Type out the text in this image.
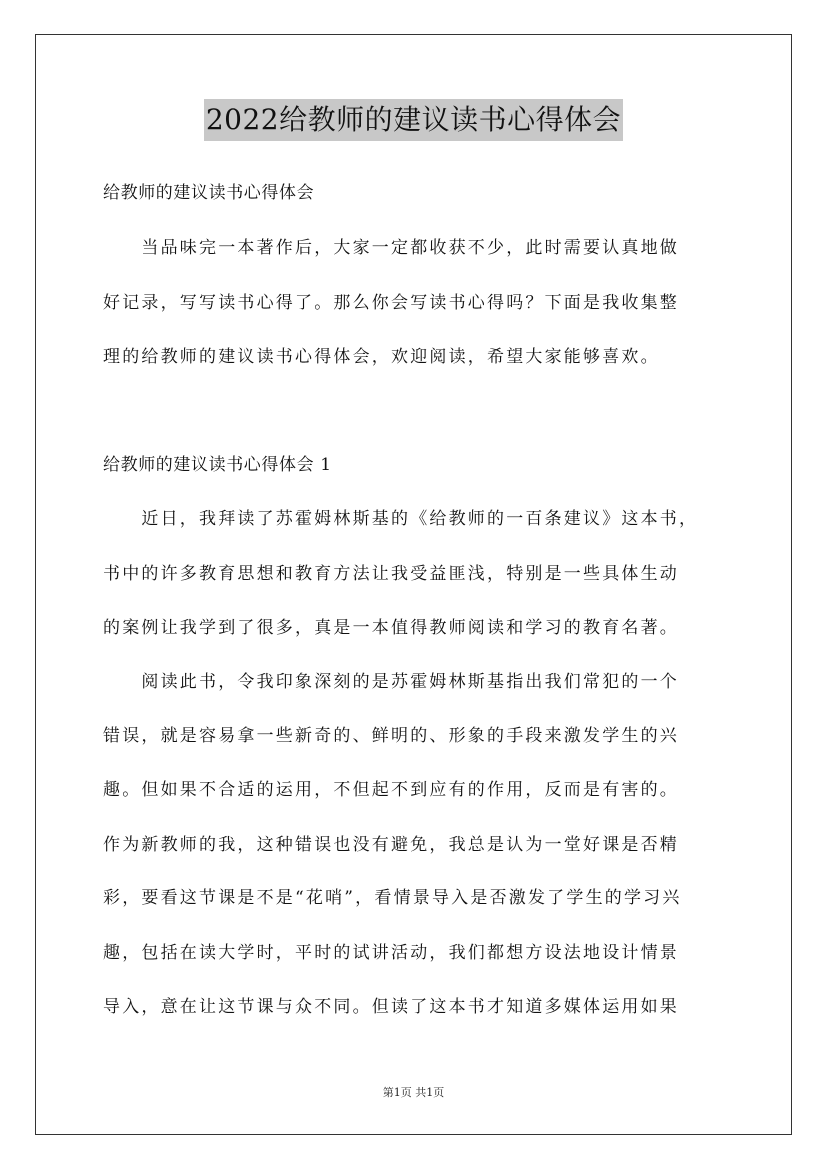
2022给教师的建议读书心得体会
给教师的建议读书心得体会
　　当品味完一本著作后，大家一定都收获不少，此时需要认真地做
好记录，写写读书心得了。那么你会写读书心得吗？下面是我收集整
理的给教师的建议读书心得体会，欢迎阅读，希望大家能够喜欢。
给教师的建议读书心得体会 1
　　近日，我拜读了苏霍姆林斯基的《给教师的一百条建议》这本书，
书中的许多教育思想和教育方法让我受益匪浅，特别是一些具体生动
的案例让我学到了很多，真是一本值得教师阅读和学习的教育名著。
　　阅读此书，令我印象深刻的是苏霍姆林斯基指出我们常犯的一个
错误，就是容易拿一些新奇的、鲜明的、形象的手段来激发学生的兴
趣。但如果不合适的运用，不但起不到应有的作用，反而是有害的。
作为新教师的我，这种错误也没有避免，我总是认为一堂好课是否精
彩，要看这节课是不是“花哨”，看情景导入是否激发了学生的学习兴
趣，包括在读大学时，平时的试讲活动，我们都想方设法地设计情景
导入，意在让这节课与众不同。但读了这本书才知道多媒体运用如果
第1页 共1页
